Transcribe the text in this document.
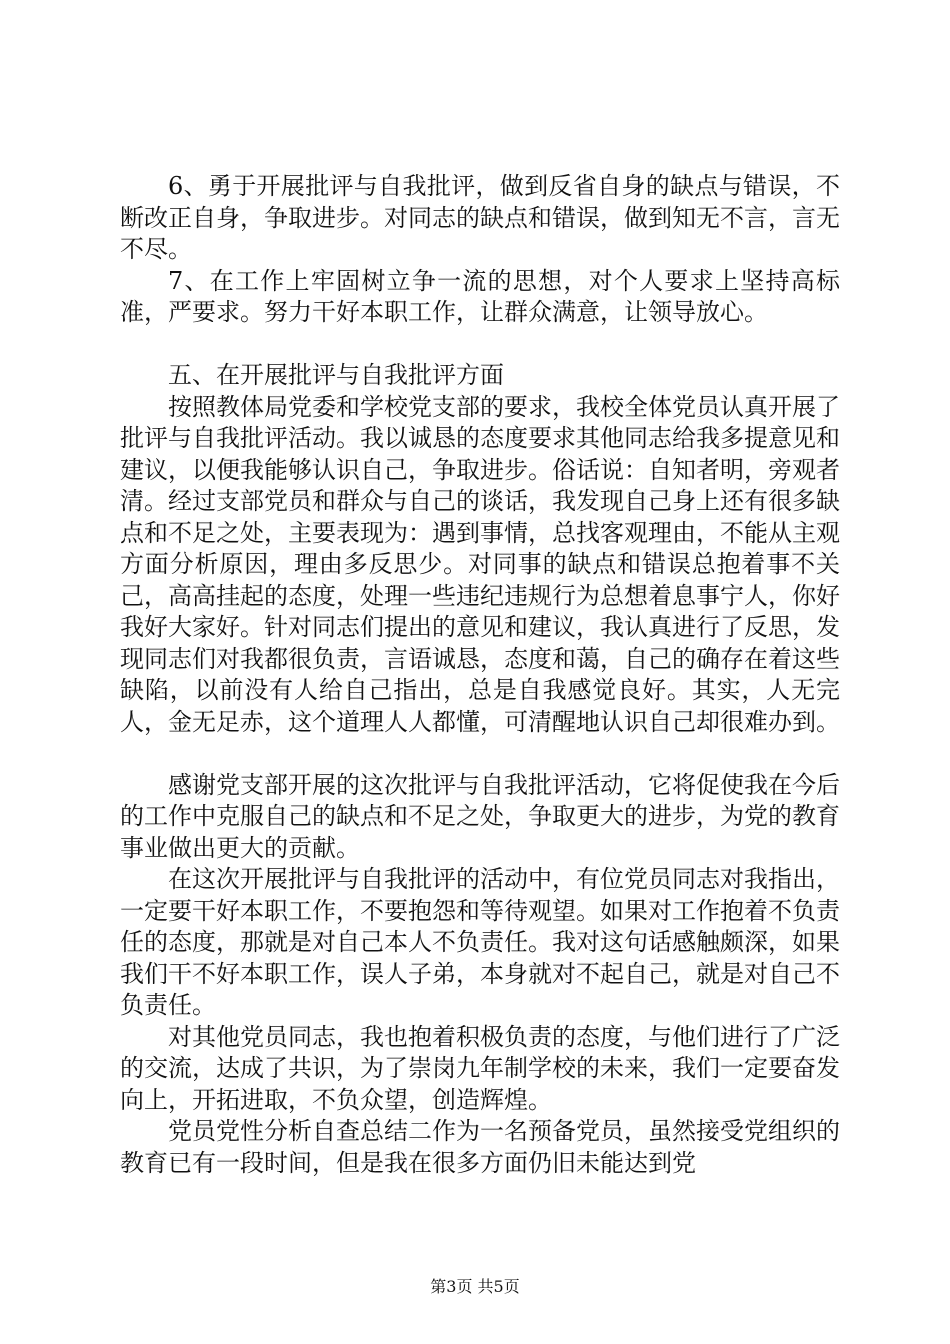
6、勇于开展批评与自我批评，做到反省自身的缺点与错误，不断改正自身，争取进步。对同志的缺点和错误，做到知无不言，言无不尽。

7、在工作上牢固树立争一流的思想，对个人要求上坚持高标准，严要求。努力干好本职工作，让群众满意，让领导放心。

五、在开展批评与自我批评方面

按照教体局党委和学校党支部的要求，我校全体党员认真开展了批评与自我批评活动。我以诚恳的态度要求其他同志给我多提意见和建议，以便我能够认识自己，争取进步。俗话说：自知者明，旁观者清。经过支部党员和群众与自己的谈话，我发现自己身上还有很多缺点和不足之处，主要表现为：遇到事情，总找客观理由，不能从主观方面分析原因，理由多反思少。对同事的缺点和错误总抱着事不关己，高高挂起的态度，处理一些违纪违规行为总想着息事宁人，你好我好大家好。针对同志们提出的意见和建议，我认真进行了反思，发现同志们对我都很负责，言语诚恳，态度和蔼，自己的确存在着这些缺陷，以前没有人给自己指出，总是自我感觉良好。其实，人无完人，金无足赤，这个道理人人都懂，可清醒地认识自己却很难办到。

感谢党支部开展的这次批评与自我批评活动，它将促使我在今后的工作中克服自己的缺点和不足之处，争取更大的进步，为党的教育事业做出更大的贡献。

在这次开展批评与自我批评的活动中，有位党员同志对我指出，一定要干好本职工作，不要抱怨和等待观望。如果对工作抱着不负责任的态度，那就是对自己本人不负责任。我对这句话感触颇深，如果我们干不好本职工作，误人子弟，本身就对不起自己，就是对自己不负责任。

对其他党员同志，我也抱着积极负责的态度，与他们进行了广泛的交流，达成了共识，为了崇岗九年制学校的未来，我们一定要奋发向上，开拓进取，不负众望，创造辉煌。

党员党性分析自查总结二作为一名预备党员，虽然接受党组织的教育已有一段时间，但是我在很多方面仍旧未能达到党

第3页 共5页
